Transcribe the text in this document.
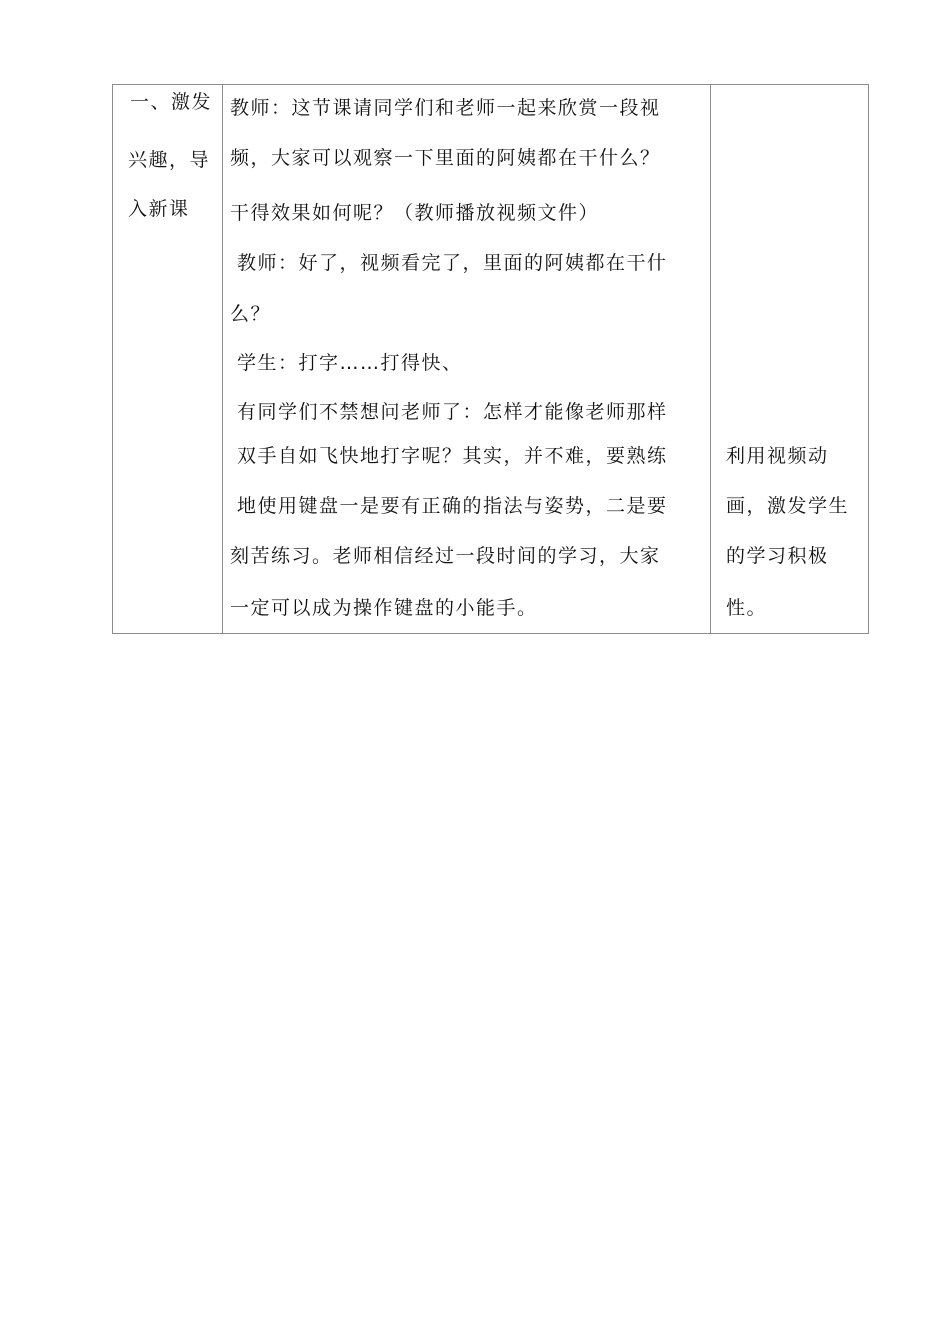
一、激发
兴趣，导
入新课
教师：这节课请同学们和老师一起来欣赏一段视
频，大家可以观察一下里面的阿姨都在干什么？
干得效果如何呢？（教师播放视频文件）
教师：好了，视频看完了，里面的阿姨都在干什
么？
学生：打字……打得快、
有同学们不禁想问老师了：怎样才能像老师那样
双手自如飞快地打字呢？其实，并不难，要熟练
地使用键盘一是要有正确的指法与姿势，二是要
刻苦练习。老师相信经过一段时间的学习，大家
一定可以成为操作键盘的小能手。
利用视频动
画，激发学生
的学习积极
性。
